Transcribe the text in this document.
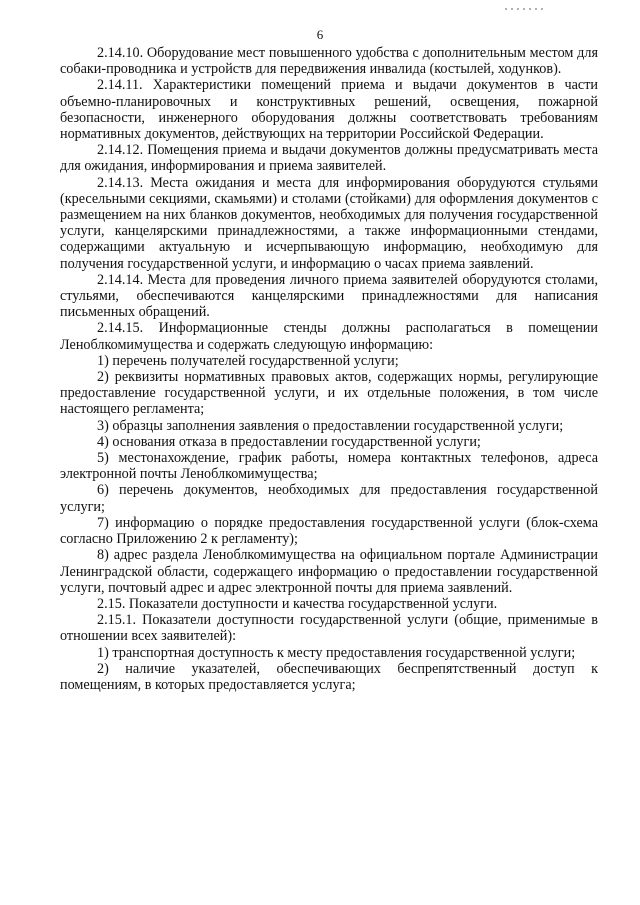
6

2.14.10. Оборудование мест повышенного удобства с дополнительным местом для собаки-проводника и устройств для передвижения инвалида (костылей, ходунков).

2.14.11. Характеристики помещений приема и выдачи документов в части объемно-планировочных и конструктивных решений, освещения, пожарной безопасности, инженерного оборудования должны соответствовать требованиям нормативных документов, действующих на территории Российской Федерации.

2.14.12. Помещения приема и выдачи документов должны предусматривать места для ожидания, информирования и приема заявителей.

2.14.13. Места ожидания и места для информирования оборудуются стульями (кресельными секциями, скамьями) и столами (стойками) для оформления документов с размещением на них бланков документов, необходимых для получения государственной услуги, канцелярскими принадлежностями, а также информационными стендами, содержащими актуальную и исчерпывающую информацию, необходимую для получения государственной услуги, и информацию о часах приема заявлений.

2.14.14. Места для проведения личного приема заявителей оборудуются столами, стульями, обеспечиваются канцелярскими принадлежностями для написания письменных обращений.

2.14.15. Информационные стенды должны располагаться в помещении Леноблкомимущества и содержать следующую информацию:

1) перечень получателей государственной услуги;

2) реквизиты нормативных правовых актов, содержащих нормы, регулирующие предоставление государственной услуги, и их отдельные положения, в том числе настоящего регламента;

3) образцы заполнения заявления о предоставлении государственной услуги;

4) основания отказа в предоставлении государственной услуги;

5) местонахождение, график работы, номера контактных телефонов, адреса электронной почты Леноблкомимущества;

6) перечень документов, необходимых для предоставления государственной услуги;

7) информацию о порядке предоставления государственной услуги (блок-схема согласно Приложению 2 к регламенту);

8) адрес раздела Леноблкомимущества на официальном портале Администрации Ленинградской области, содержащего информацию о предоставлении государственной услуги, почтовый адрес и адрес электронной почты для приема заявлений.

2.15. Показатели доступности и качества государственной услуги.

2.15.1. Показатели доступности государственной услуги (общие, применимые в отношении всех заявителей):

1) транспортная доступность к месту предоставления государственной услуги;

2) наличие указателей, обеспечивающих беспрепятственный доступ к помещениям, в которых предоставляется услуга;
